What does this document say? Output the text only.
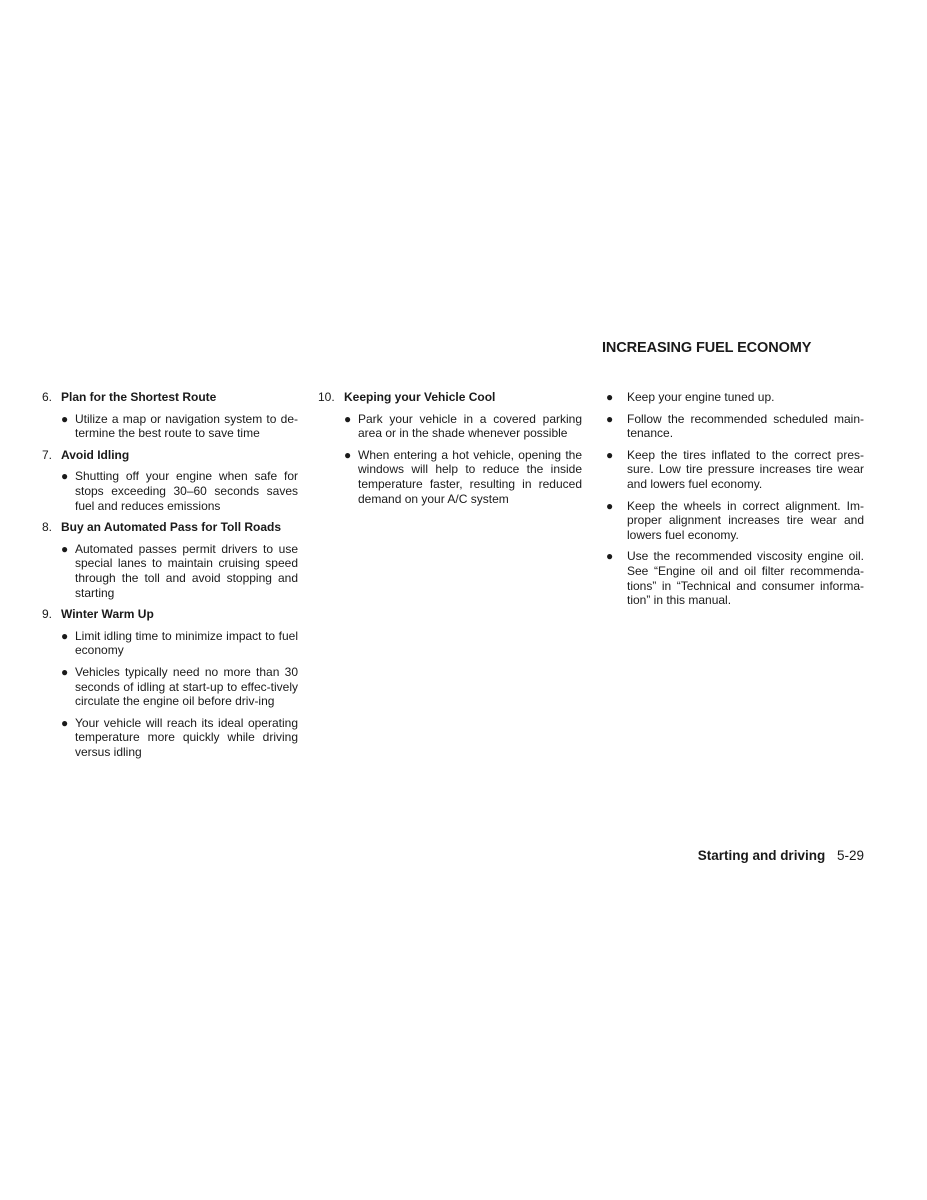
INCREASING FUEL ECONOMY
6. Plan for the Shortest Route
● Utilize a map or navigation system to de-termine the best route to save time
7. Avoid Idling
● Shutting off your engine when safe for stops exceeding 30–60 seconds saves fuel and reduces emissions
8. Buy an Automated Pass for Toll Roads
● Automated passes permit drivers to use special lanes to maintain cruising speed through the toll and avoid stopping and starting
9. Winter Warm Up
● Limit idling time to minimize impact to fuel economy
● Vehicles typically need no more than 30 seconds of idling at start-up to effec-tively circulate the engine oil before driv-ing
● Your vehicle will reach its ideal operating temperature more quickly while driving versus idling
10. Keeping your Vehicle Cool
● Park your vehicle in a covered parking area or in the shade whenever possible
● When entering a hot vehicle, opening the windows will help to reduce the inside temperature faster, resulting in reduced demand on your A/C system
●	Keep your engine tuned up.
●	Follow the recommended scheduled main-tenance.
●	Keep the tires inflated to the correct pres-sure. Low tire pressure increases tire wear and lowers fuel economy.
●	Keep the wheels in correct alignment. Im-proper alignment increases tire wear and lowers fuel economy.
●	Use the recommended viscosity engine oil. See “Engine oil and oil filter recommenda-tions” in “Technical and consumer informa-tion” in this manual.
Starting and driving 5-29
